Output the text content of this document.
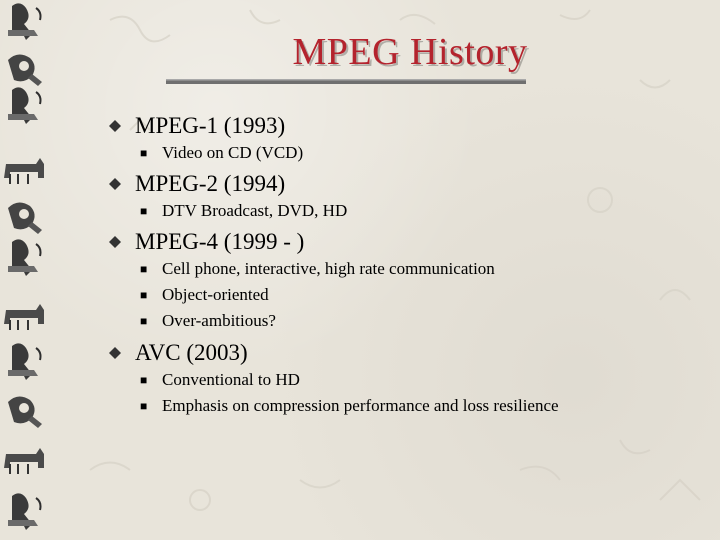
MPEG History
MPEG-1 (1993)
■ Video on CD (VCD)
MPEG-2 (1994)
■ DTV Broadcast, DVD, HD
MPEG-4 (1999 - )
■ Cell phone, interactive, high rate communication
■ Object-oriented
■ Over-ambitious?
AVC (2003)
■ Conventional to HD
■ Emphasis on compression performance and loss resilience
